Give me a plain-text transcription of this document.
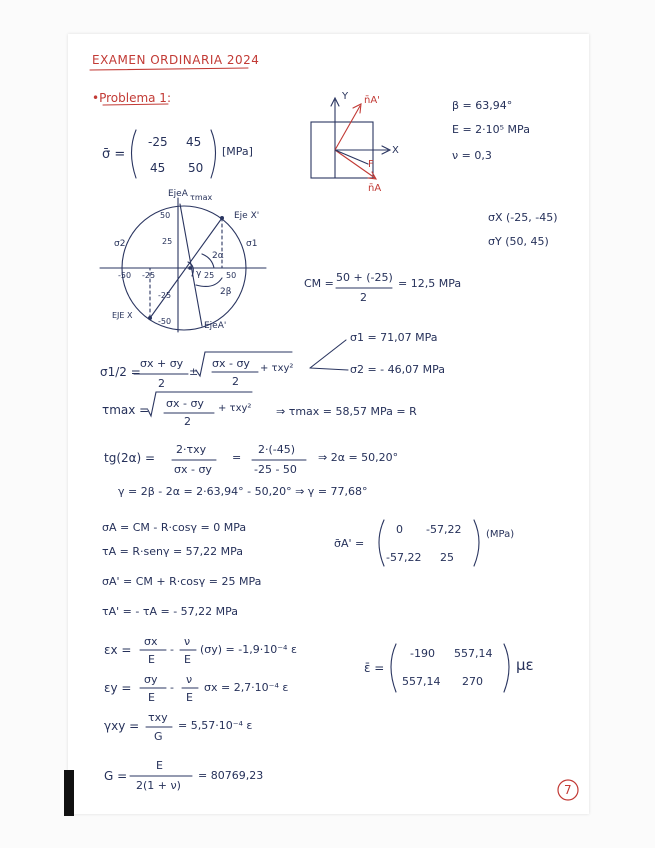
EXAMEN ORDINARIA 2024
•Problema 1:
σ̄ =
-25 45
45 50
[MPa]
Y
X
n̄A'
n̄A
F
β = 63,94°
E = 2·10⁵ MPa
ν = 0,3
EjeA τmax
Eje X'
σ2	σ1
50
25
-25
-50
-50 -25	25 50
2α
2β
γ
EJE X
EjeA'
σX (-25, -45)
σY (50, 45)
CM = 50 + (-25)
2
= 12,5 MPa
σ1/2 =
σx + σy
2
±
σx - σy
2
+ τxy²
σ1 = 71,07 MPa
σ2 = - 46,07 MPa
τmax = σx - σy
2
+ τxy² ⇒ τmax = 58,57 MPa = R
tg(2α) =
2·τxy
σx - σy
=
2·(-45)
-25 - 50
⇒ 2α = 50,20°
γ = 2β - 2α = 2·63,94° - 50,20° ⇒ γ = 77,68°
σA = CM - R·cosγ = 0 MPa
τA = R·senγ = 57,22 MPa
σA' = CM + R·cosγ = 25 MPa
τA' = - τA = - 57,22 MPa
σ̄A' =
0 -57,22
-57,22 25
(MPa)
εx =
σx
E
-
ν
E
(σy) = -1,9·10⁻⁴ ε
εy =
σy
E
-
ν
E
σx = 2,7·10⁻⁴ ε
γxy =
τxy
G
= 5,57·10⁻⁴ ε
G =
E
2(1 + ν)
= 80769,23
ε̄ =
-190 557,14
557,14 270
με
7
